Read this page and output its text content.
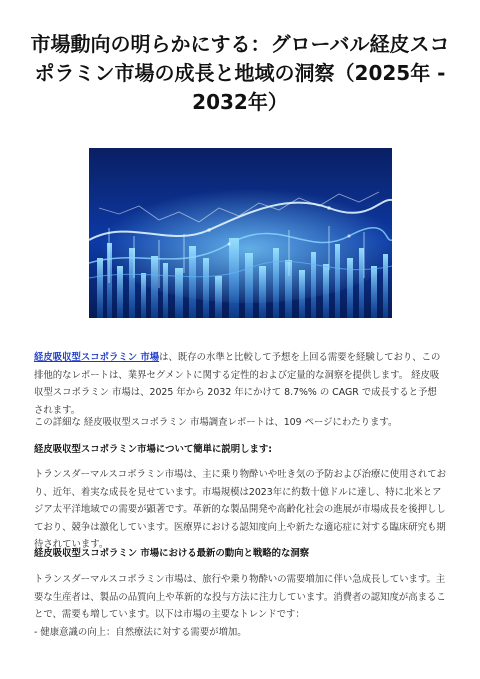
市場動向の明らかにする：グローバル経皮スコポラミン市場の成長と地域の洞察（2025年 - 2032年）

経皮吸収型スコポラミン 市場は、既存の水準と比較して予想を上回る需要を経験しており、この排他的なレポートは、業界セグメントに関する定性的および定量的な洞察を提供します。 経皮吸収型スコポラミン 市場は、2025 年から 2032 年にかけて 8.7%% の CAGR で成長すると予想されます。

この詳細な 経皮吸収型スコポラミン 市場調査レポートは、109 ページにわたります。

経皮吸収型スコポラミン市場について簡単に説明します:

トランスダーマルスコポラミン市場は、主に乗り物酔いや吐き気の予防および治療に使用されており、近年、着実な成長を見せています。市場規模は2023年に約数十億ドルに達し、特に北米とアジア太平洋地域での需要が顕著です。革新的な製品開発や高齢化社会の進展が市場成長を後押ししており、競争は激化しています。医療界における認知度向上や新たな適応症に対する臨床研究も期待されています。

経皮吸収型スコポラミン 市場における最新の動向と戦略的な洞察

トランスダーマルスコポラミン市場は、旅行や乗り物酔いの需要増加に伴い急成長しています。主要な生産者は、製品の品質向上や革新的な投与方法に注力しています。消費者の認知度が高まることで、需要も増しています。以下は市場の主要なトレンドです：

- 健康意識の向上：自然療法に対する需要が増加。
